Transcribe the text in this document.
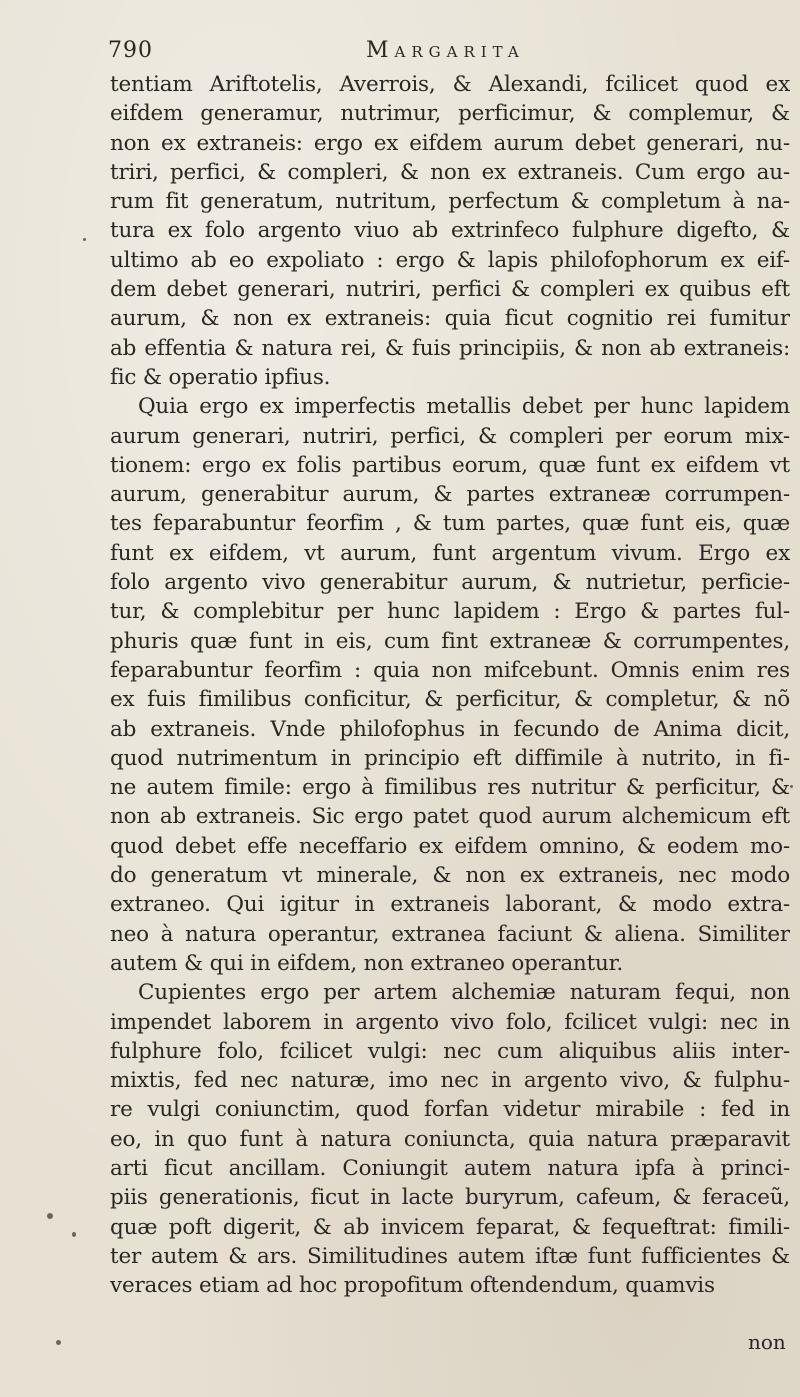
790	Margarita
tentiam Ariftotelis, Averrois, & Alexandi, fcilicet quod ex
eifdem generamur, nutrimur, perficimur, & complemur, &
non ex extraneis: ergo ex eifdem aurum debet generari, nu-
triri, perfici, & compleri, & non ex extraneis. Cum ergo au-
rum fit generatum, nutritum, perfectum & completum à na-
tura ex folo argento viuo ab extrinfeco fulphure digefto, &
ultimo ab eo expoliato : ergo & lapis philofophorum ex eif-
dem debet generari, nutriri, perfici & compleri ex quibus eft
aurum, & non ex extraneis: quia ficut cognitio rei fumitur
ab effentia & natura rei, & fuis principiis, & non ab extraneis:
fic & operatio ipfius.
Quia ergo ex imperfectis metallis debet per hunc lapidem
aurum generari, nutriri, perfici, & compleri per eorum mix-
tionem: ergo ex folis partibus eorum, quæ funt ex eifdem vt
aurum, generabitur aurum, & partes extraneæ corrumpen-
tes feparabuntur feorfim , & tum partes, quæ funt eis, quæ
funt ex eifdem, vt aurum, funt argentum vivum. Ergo ex
folo argento vivo generabitur aurum, & nutrietur, perficie-
tur, & complebitur per hunc lapidem : Ergo & partes ful-
phuris quæ funt in eis, cum fint extraneæ & corrumpentes,
feparabuntur feorfim : quia non mifcebunt. Omnis enim res
ex fuis fimilibus conficitur, & perficitur, & completur, & nõ
ab extraneis. Vnde philofophus in fecundo de Anima dicit,
quod nutrimentum in principio eft diffimile à nutrito, in fi-
ne autem fimile: ergo à fimilibus res nutritur & perficitur, &
non ab extraneis. Sic ergo patet quod aurum alchemicum eft
quod debet effe neceffario ex eifdem omnino, & eodem mo-
do generatum vt minerale, & non ex extraneis, nec modo
extraneo. Qui igitur in extraneis laborant, & modo extra-
neo à natura operantur, extranea faciunt & aliena. Similiter
autem & qui in eifdem, non extraneo operantur.
Cupientes ergo per artem alchemiæ naturam fequi, non
impendet laborem in argento vivo folo, fcilicet vulgi: nec in
fulphure folo, fcilicet vulgi: nec cum aliquibus aliis inter-
mixtis, fed nec naturæ, imo nec in argento vivo, & fulphu-
re vulgi coniunctim, quod forfan videtur mirabile : fed in
eo, in quo funt à natura coniuncta, quia natura præparavit
arti ficut ancillam. Coniungit autem natura ipfa à princi-
piis generationis, ficut in lacte buryrum, cafeum, & feraceũ,
quæ poft digerit, & ab invicem feparat, & fequeftrat: fimili-
ter autem & ars. Similitudines autem iftæ funt fufficientes &
veraces etiam ad hoc propofitum oftendendum, quamvis
non
